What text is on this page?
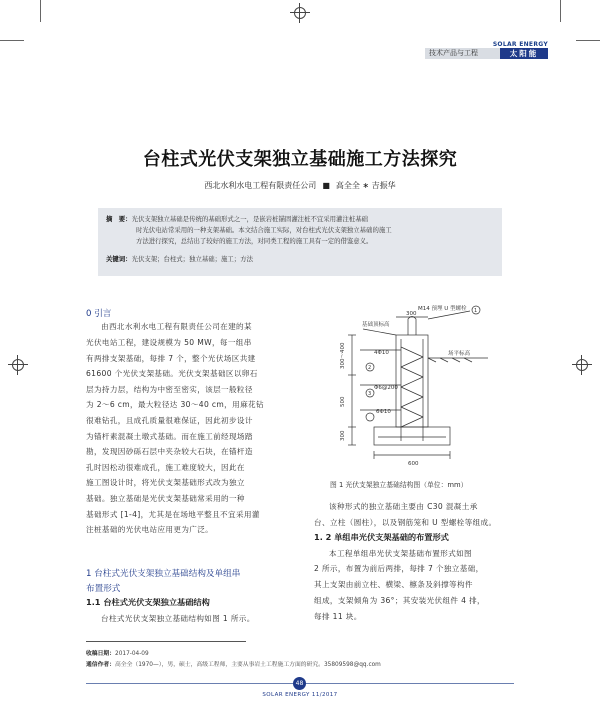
SOLAR ENERGY
技术产品与工程	太阳能
台柱式光伏支架独立基础施工方法探究
西北水利水电工程有限责任公司 ■ 高全全 ∗ 吉振华
摘　要：光伏支架独立基础是传统的基础形式之一，是嵌岩桩锚固灌注桩不宜采用灌注桩基础
时光伏电站常采用的一种支架基础。本文结合施工实际，对台柱式光伏支架独立基础的施工
方法进行探究，总结出了较好的施工方法，对同类工程的施工具有一定的借鉴意义。
关键词：光伏支架；台柱式；独立基础；施工；方法
0 引言
由西北水利水电工程有限责任公司在建的某
光伏电站工程，建设规模为 50 MW，每一组串
有两排支架基础，每排 7 个，整个光伏场区共建
61600 个光伏支架基础。光伏支架基础区以卵石
层为持力层，结构为中密至密实，该层一般粒径
为 2～6 cm，最大粒径达 30～40 cm，用麻花钻
很难钻孔，且成孔质量很难保证，因此初步设计
为锚杆素混凝土墩式基础。而在施工前经现场踏
勘，发现因砂砾石层中夹杂较大石块，在锚杆造
孔时因松动很难成孔，施工难度较大，因此在
施工图设计时，将光伏支架基础形式改为独立
基础。独立基础是光伏支架基础常采用的一种
基础形式 [1-4]，尤其是在场地平整且不宜采用灌
注桩基础的光伏电站应用更为广泛。
1 台柱式光伏支架独立基础结构及单组串
布置形式
1.1 台柱式光伏支架独立基础结构
台柱式光伏支架独立基础结构如图 1 所示。
M14 预埋 U 型螺栓
基础顶标高
场平标高
4Φ10
Φ6@200
6Φ10
1
2
3
300
600
300～400
500
300
图 1 光伏支架独立基础结构图（单位：mm）
该种形式的独立基础主要由 C30 混凝土承
台、立柱（圆柱），以及钢筋笼和 U 型螺栓等组成。
1. 2 单组串光伏支架基础的布置形式
本工程单组串光伏支架基础布置形式如图
2 所示，布置为前后两排，每排 7 个独立基础，
其上支架由前立柱、横梁、檩条及斜撑等构件
组成，支架倾角为 36°；其安装光伏组件 4 排，
每排 11 块。
收稿日期：2017-04-09
通信作者：高全全（1970—），男，硕士，高级工程师，主要从事岩土工程施工方面的研究。35809598@qq.com
48
SOLAR ENERGY 11/2017
